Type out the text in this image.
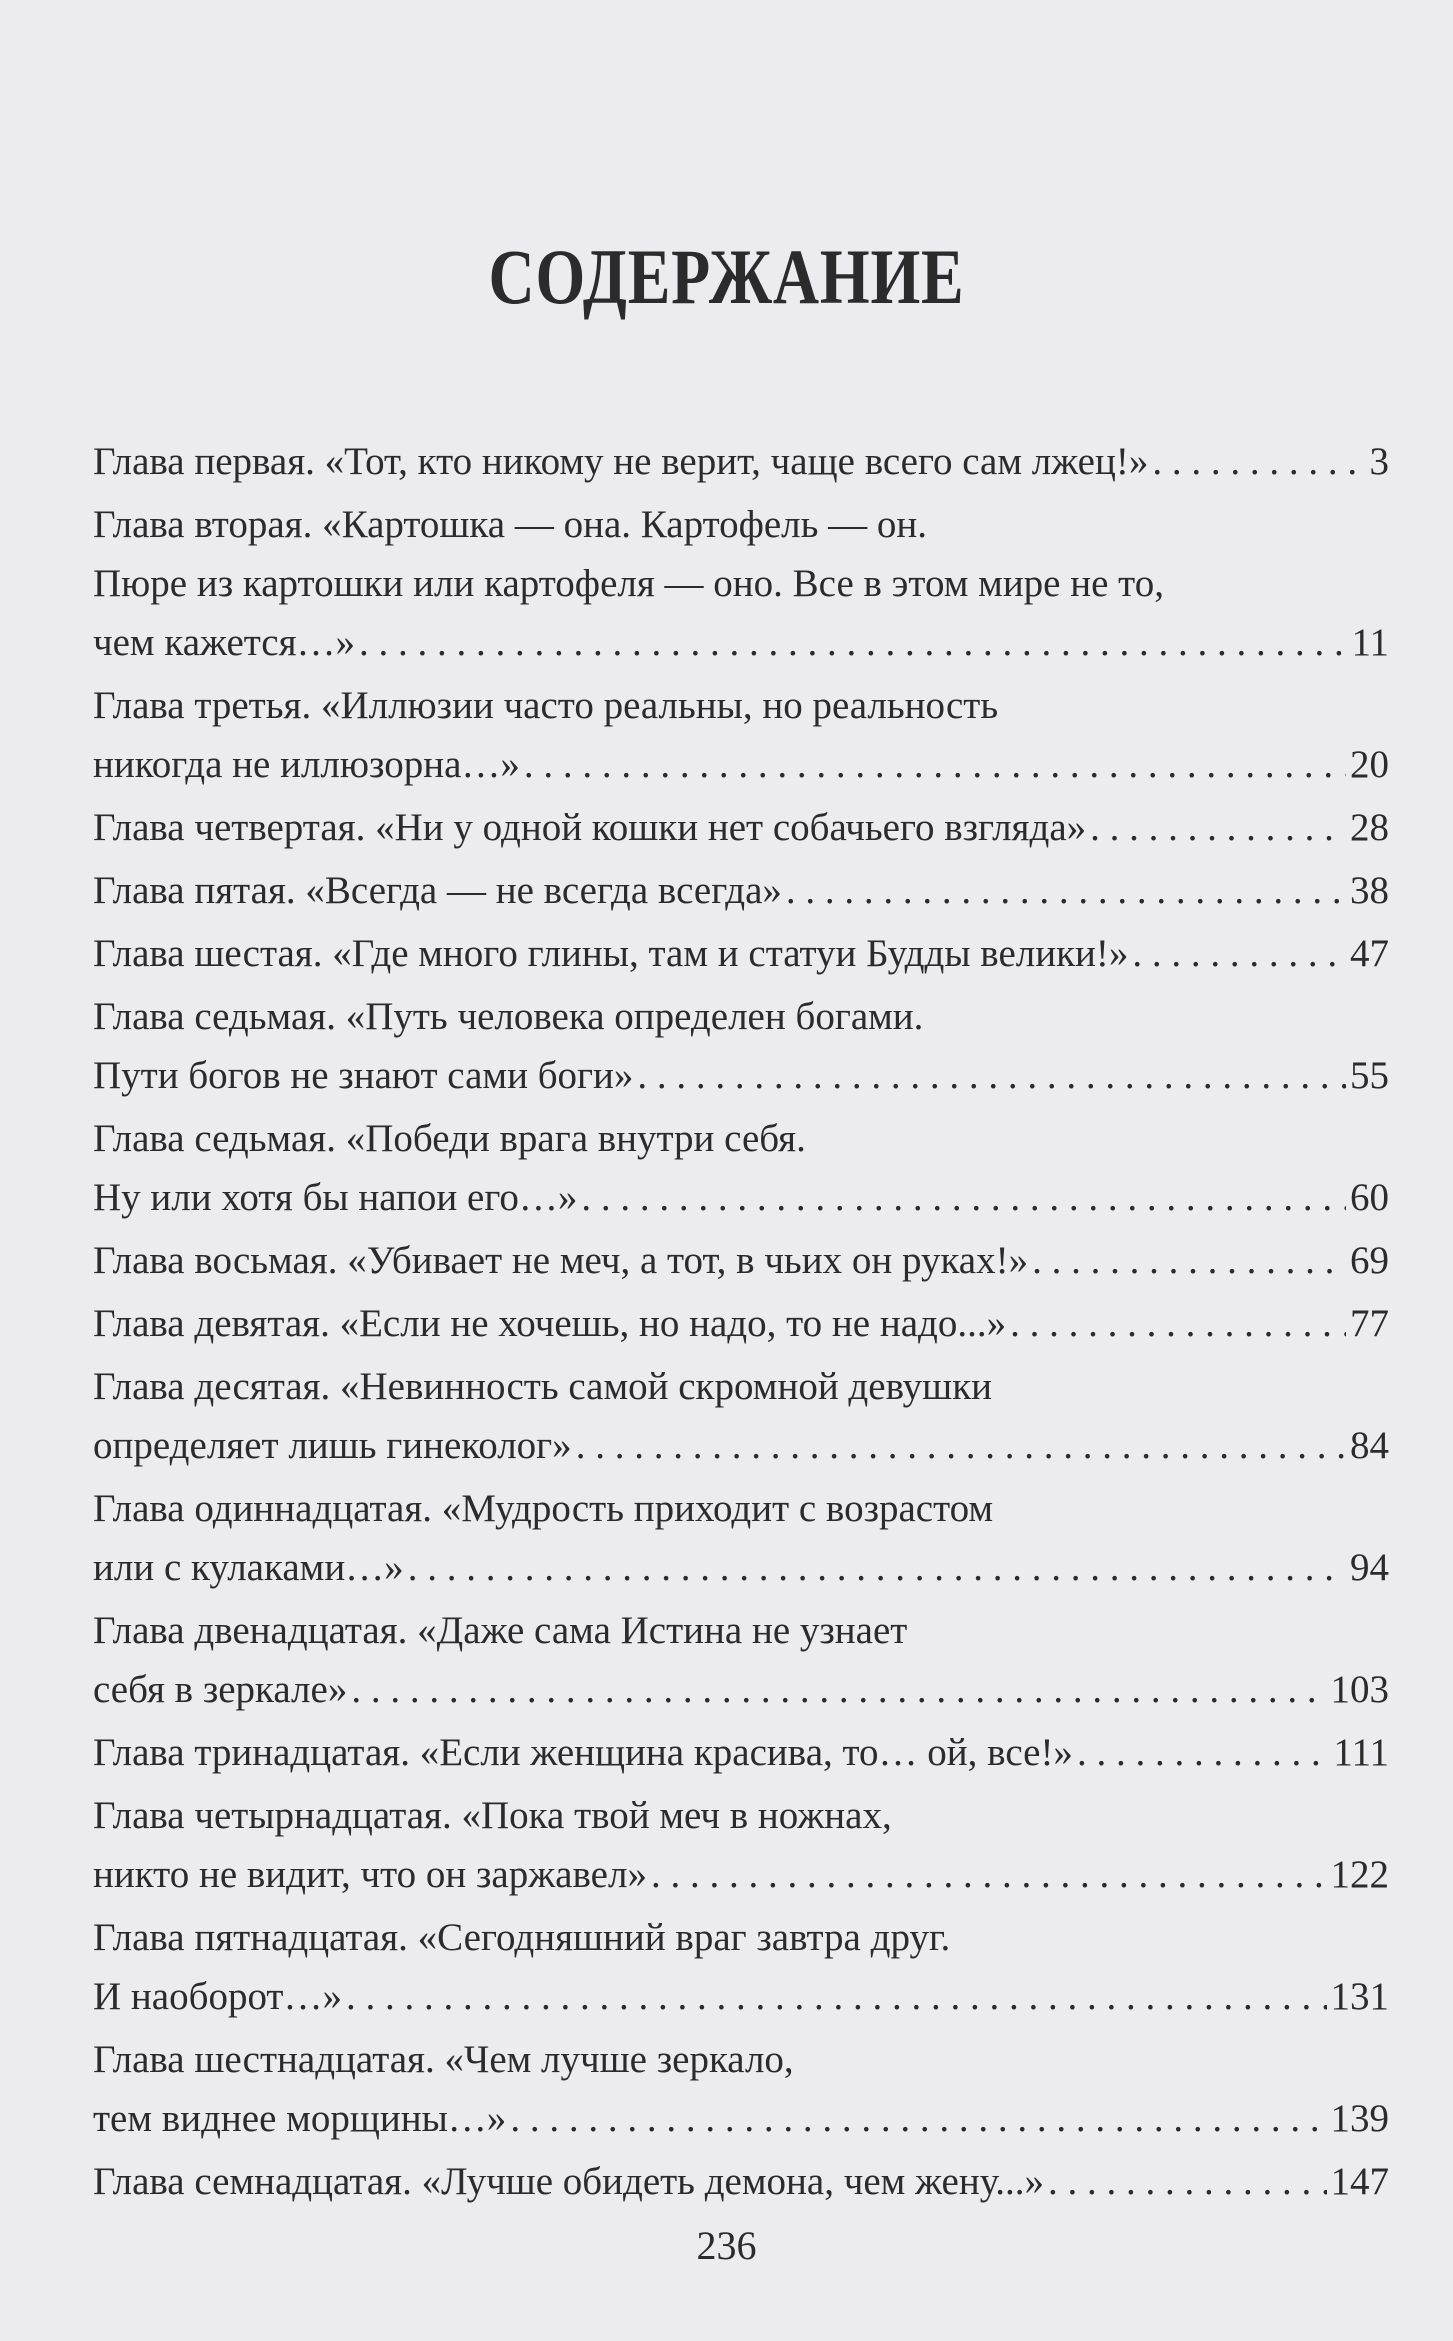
СОДЕРЖАНИЕ
Глава первая. «Тот, кто никому не верит, чаще всего сам лжец!» . . .	3
Глава вторая. «Картошка — она. Картофель — он.
Пюре из картошки или картофеля — оно. Все в этом мире не то,
чем кажется…» . . .	11
Глава третья. «Иллюзии часто реальны, но реальность
никогда не иллюзорна…» . . .	20
Глава четвертая. «Ни у одной кошки нет собачьего взгляда» . . .	28
Глава пятая. «Всегда — не всегда всегда» . . .	38
Глава шестая. «Где много глины, там и статуи Будды велики!» . . .	47
Глава седьмая. «Путь человека определен богами.
Пути богов не знают сами боги» . . .	55
Глава седьмая. «Победи врага внутри себя.
Ну или хотя бы напои его…» . . .	60
Глава восьмая. «Убивает не меч, а тот, в чьих он руках!» . . .	69
Глава девятая. «Если не хочешь, но надо, то не надо...» . . .	77
Глава десятая. «Невинность самой скромной девушки
определяет лишь гинеколог» . . .	84
Глава одиннадцатая. «Мудрость приходит с возрастом
или с кулаками…» . . .	94
Глава двенадцатая. «Даже сама Истина не узнает
себя в зеркале» . . .	103
Глава тринадцатая. «Если женщина красива, то… ой, все!» . . .	111
Глава четырнадцатая. «Пока твой меч в ножнах,
никто не видит, что он заржавел» . . .	122
Глава пятнадцатая. «Сегодняшний враг завтра друг.
И наоборот…» . . .	131
Глава шестнадцатая. «Чем лучше зеркало,
тем виднее морщины…» . . .	139
Глава семнадцатая. «Лучше обидеть демона, чем жену...» . . .	147
236
